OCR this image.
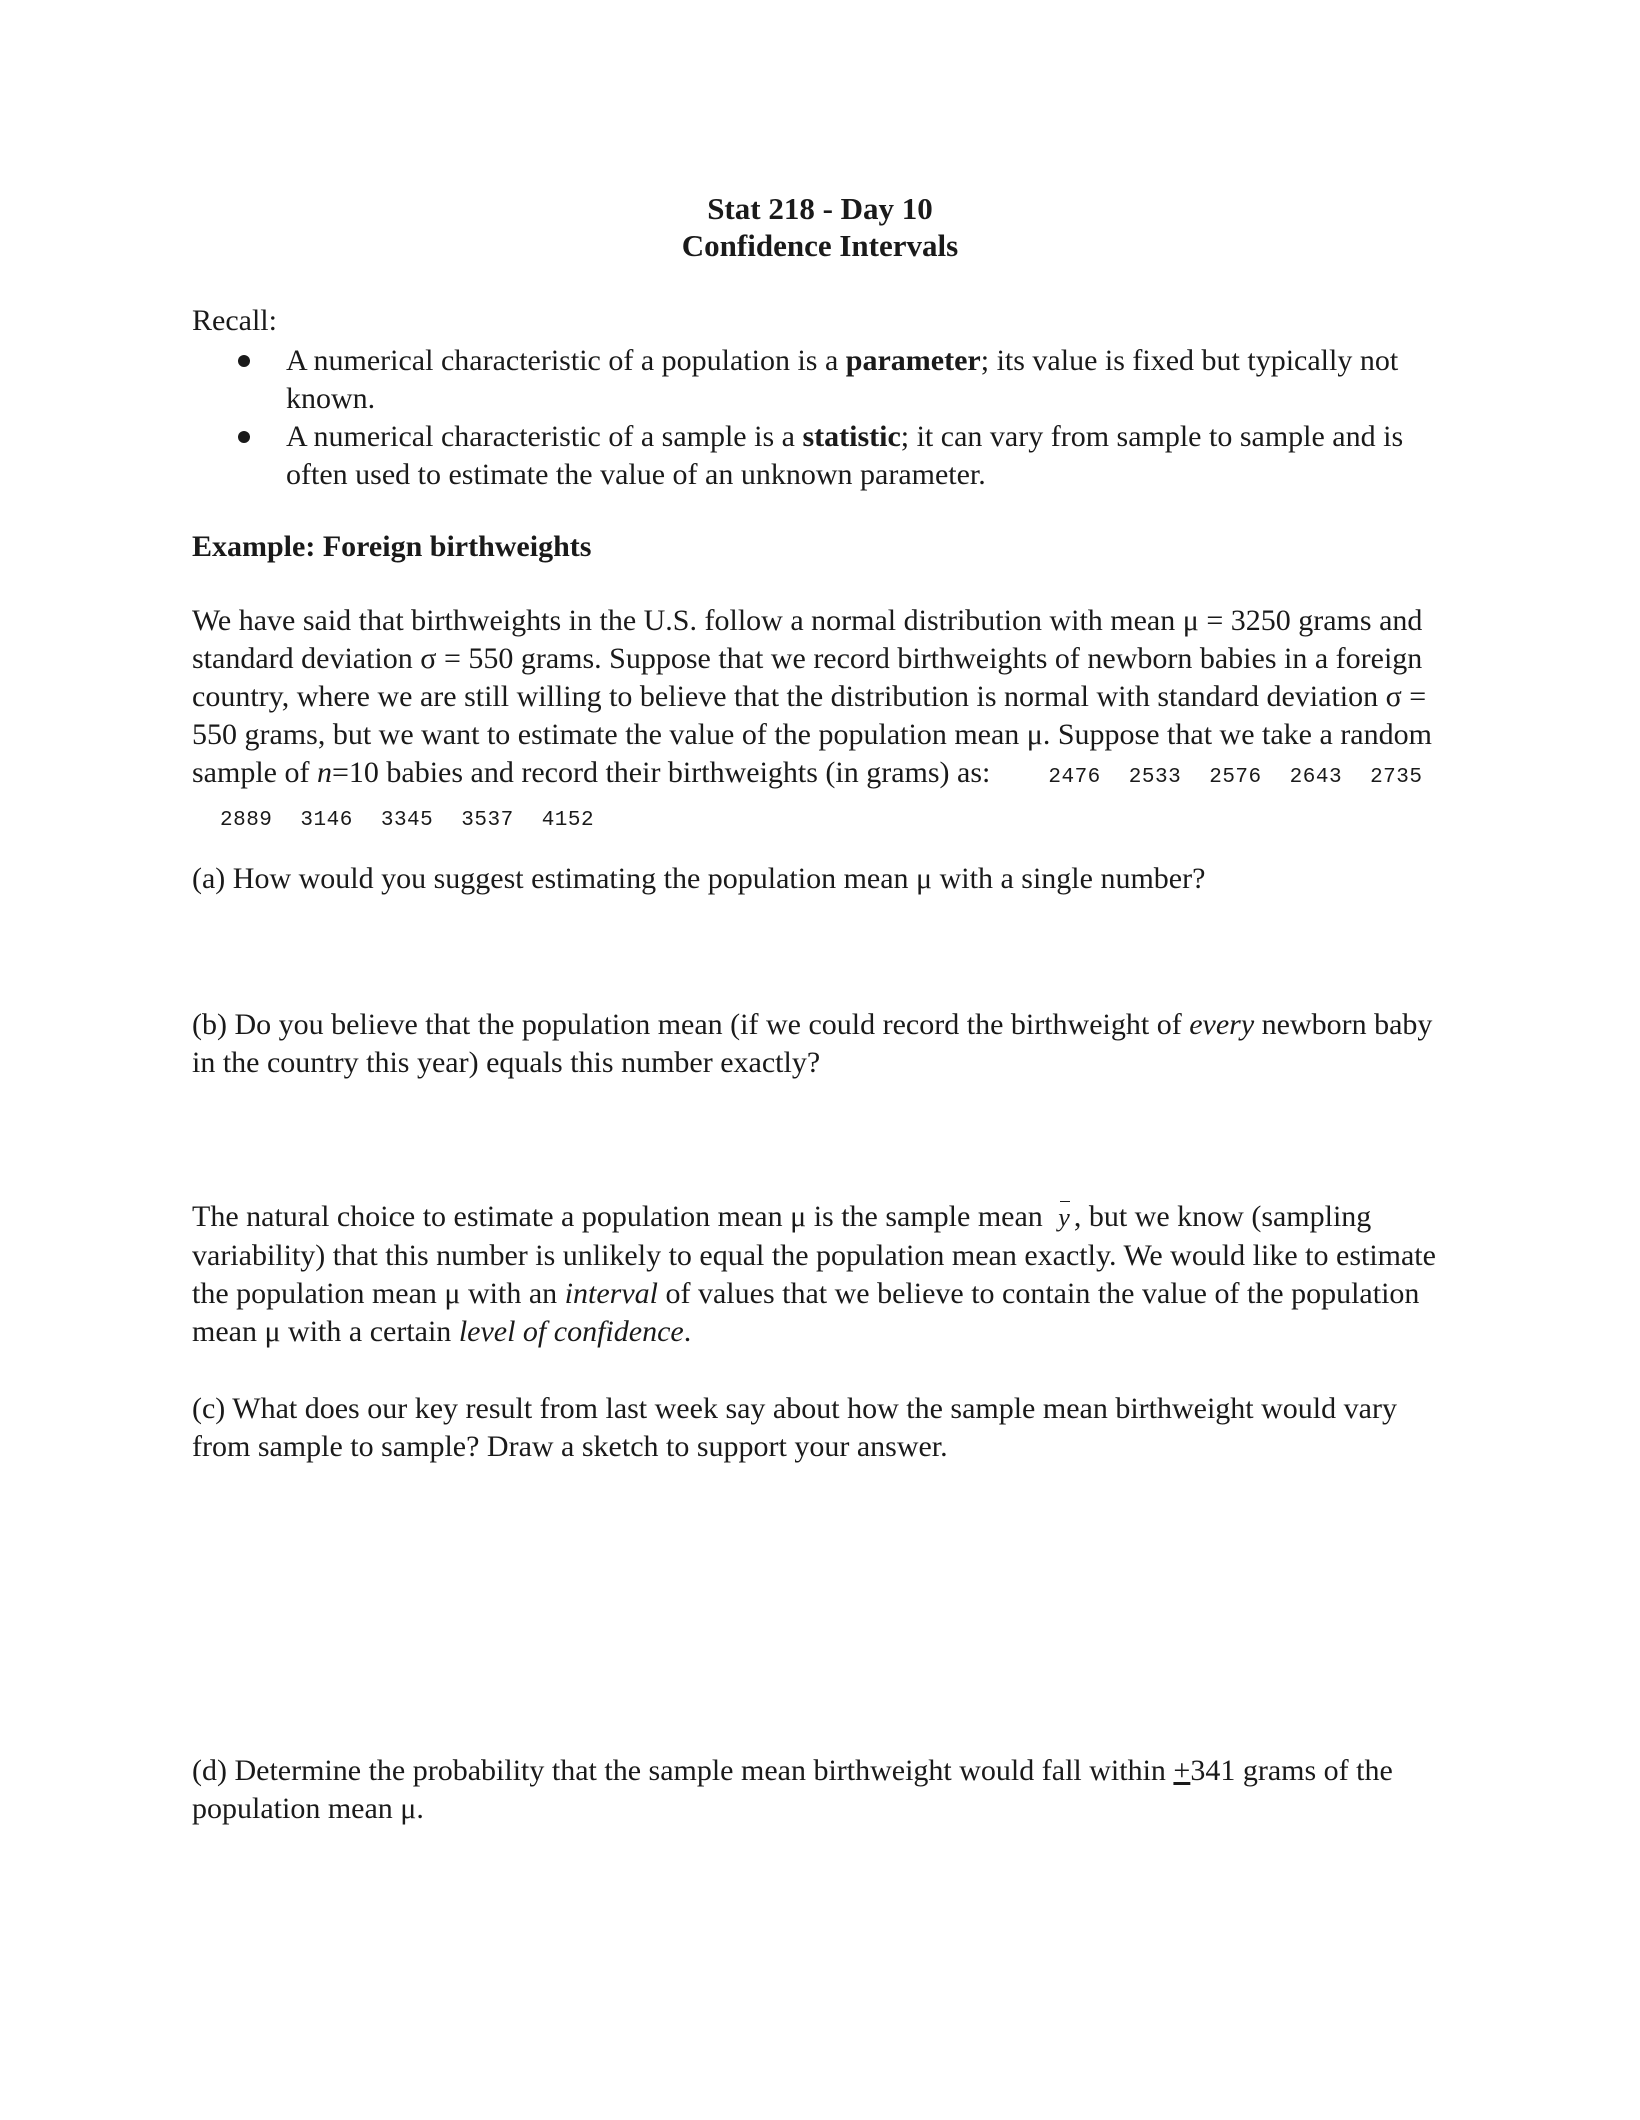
Stat 218 - Day 10
Confidence Intervals
Recall:
A numerical characteristic of a population is a parameter; its value is fixed but typically not known.
A numerical characteristic of a sample is a statistic; it can vary from sample to sample and is often used to estimate the value of an unknown parameter.
Example: Foreign birthweights
We have said that birthweights in the U.S. follow a normal distribution with mean μ = 3250 grams and standard deviation σ = 550 grams. Suppose that we record birthweights of newborn babies in a foreign country, where we are still willing to believe that the distribution is normal with standard deviation σ = 550 grams, but we want to estimate the value of the population mean μ. Suppose that we take a random sample of n=10 babies and record their birthweights (in grams) as:	2476 2533 2576 2643 27352889 3146 3345 3537 4152
(a) How would you suggest estimating the population mean μ with a single number?
(b) Do you believe that the population mean (if we could record the birthweight of every newborn baby in the country this year) equals this number exactly?
The natural choice to estimate a population mean μ is the sample mean y , but we know (sampling variability) that this number is unlikely to equal the population mean exactly. We would like to estimate the population mean μ with an interval of values that we believe to contain the value of the population mean μ with a certain level of confidence.
(c) What does our key result from last week say about how the sample mean birthweight would vary from sample to sample? Draw a sketch to support your answer.
(d) Determine the probability that the sample mean birthweight would fall within +341 grams of the population mean μ.
